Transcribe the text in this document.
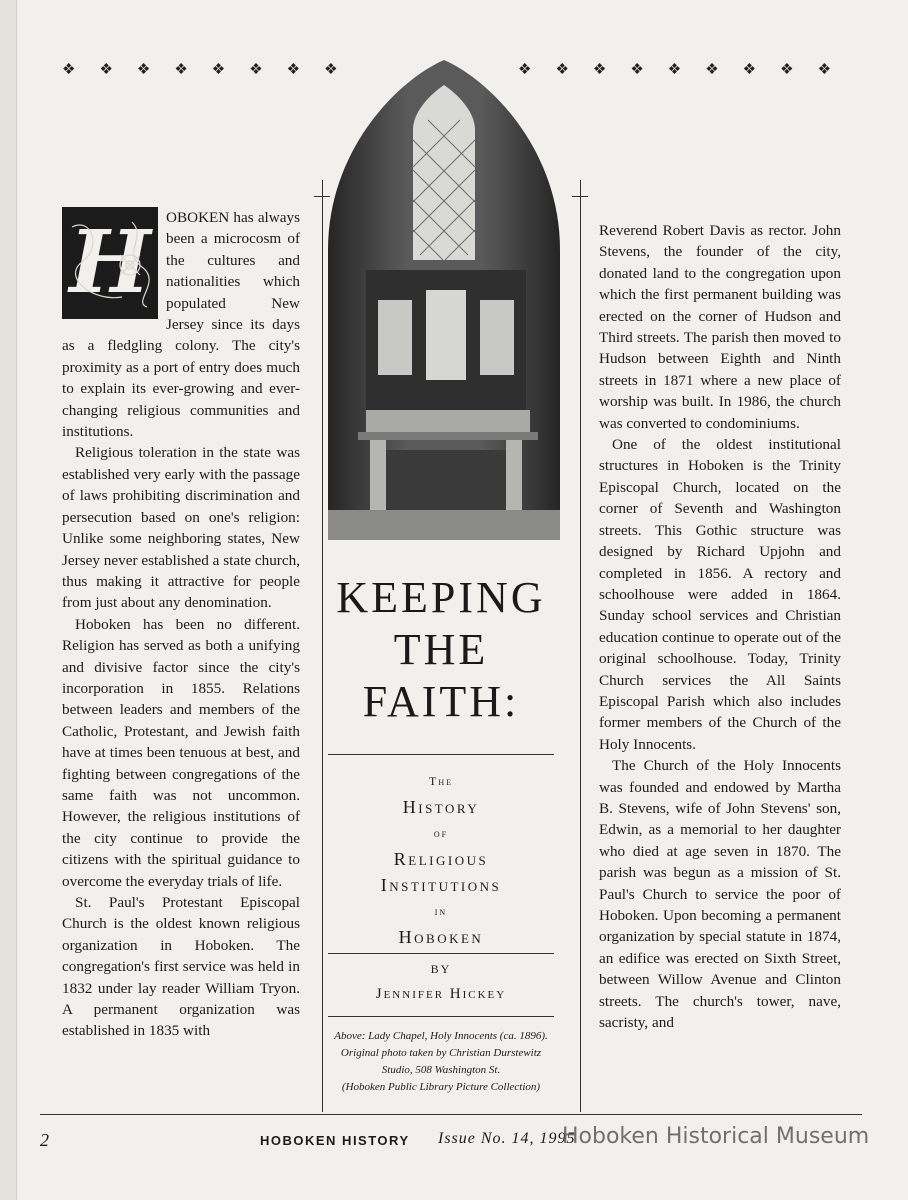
❖❖❖❖❖❖❖❖	❖❖❖❖❖❖❖❖❖
H	OBOKEN has always been a microcosm of the cultures and nationalities which populated New Jersey since its days as a fledgling colony. The city's proximity as a port of entry does much to explain its ever-growing and ever-changing religious communities and institutions.

Religious toleration in the state was established very early with the passage of laws prohibiting discrimination and persecution based on one's religion: Unlike some neighboring states, New Jersey never established a state church, thus making it attractive for people from just about any denomination.

Hoboken has been no different. Religion has served as both a unifying and divisive factor since the city's incorporation in 1855. Relations between leaders and members of the Catholic, Protestant, and Jewish faith have at times been tenuous at best, and fighting between congregations of the same faith was not uncommon. However, the religious institutions of the city continue to provide the citizens with the spiritual guidance to overcome the everyday trials of life.

St. Paul's Protestant Episcopal Church is the oldest known religious organization in Hoboken. The congregation's first service was held in 1832 under lay reader William Tryon. A permanent organization was established in 1835 with

KEEPING
THE
FAITH:
The
History
of
Religious
Institutions
in
Hoboken
BY
Jennifer Hickey
Above: Lady Chapel, Holy Innocents (ca. 1896). Original photo taken by Christian Durstewitz Studio, 508 Washington St.
(Hoboken Public Library Picture Collection)

Reverend Robert Davis as rector. John Stevens, the founder of the city, donated land to the congregation upon which the first permanent building was erected on the corner of Hudson and Third streets. The parish then moved to Hudson between Eighth and Ninth streets in 1871 where a new place of worship was built. In 1986, the church was converted to condominiums.

One of the oldest institutional structures in Hoboken is the Trinity Episcopal Church, located on the corner of Seventh and Washington streets. This Gothic structure was designed by Richard Upjohn and completed in 1856. A rectory and schoolhouse were added in 1864. Sunday school services and Christian education continue to operate out of the original schoolhouse. Today, Trinity Church services the All Saints Episcopal Parish which also includes former members of the Church of the Holy Innocents.

The Church of the Holy Innocents was founded and endowed by Martha B. Stevens, wife of John Stevens' son, Edwin, as a memorial to her daughter who died at age seven in 1870. The parish was begun as a mission of St. Paul's Church to service the poor of Hoboken. Upon becoming a permanent organization by special statute in 1874, an edifice was erected on Sixth Street, between Willow Avenue and Clinton streets. The church's tower, nave, sacristy, and

2	HOBOKEN HISTORY Issue No. 14, 1995
Hoboken Historical Museum
